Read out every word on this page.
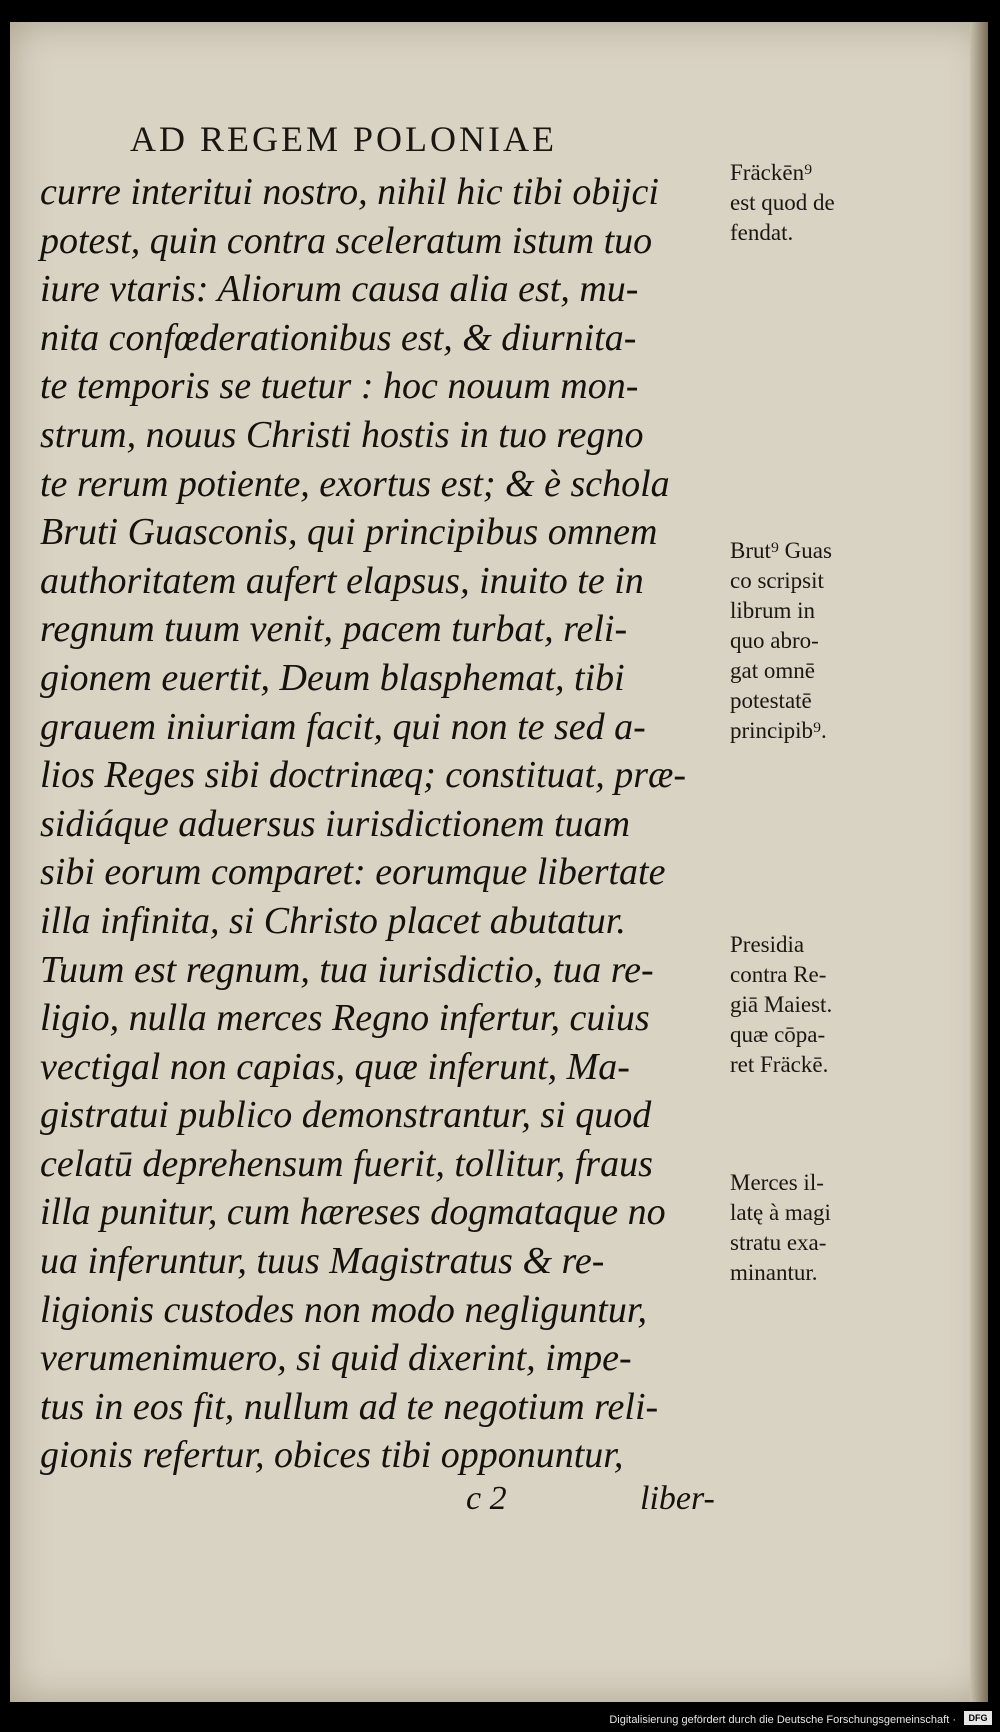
AD REGEM POLONIAE
curre interitui nostro, nihil hic tibi obijci
potest, quin contra sceleratum istum tuo
iure vtaris: Aliorum causa alia est, mu-
nita confœderationibus est, & diurnita-
te temporis se tuetur : hoc nouum mon-
strum, nouus Christi hostis in tuo regno
te rerum potiente, exortus est; & è schola
Bruti Guasconis, qui principibus omnem
authoritatem aufert elapsus, inuito te in
regnum tuum venit, pacem turbat, reli-
gionem euertit, Deum blasphemat, tibi
grauem iniuriam facit, qui non te sed a-
lios Reges sibi doctrinæq; constituat, præ-
sidiáque aduersus iurisdictionem tuam
sibi eorum comparet: eorumque libertate
illa infinita, si Christo placet abutatur.
Tuum est regnum, tua iurisdictio, tua re-
ligio, nulla merces Regno infertur, cuius
vectigal non capias, quæ inferunt, Ma-
gistratui publico demonstrantur, si quod
celatū deprehensum fuerit, tollitur, fraus
illa punitur, cum hæreses dogmataque no
ua inferuntur, tuus Magistratus & re-
ligionis custodes non modo negliguntur,
verumenimuero, si quid dixerint, impe-
tus in eos fit, nullum ad te negotium reli-
gionis refertur, obices tibi opponuntur,
c 2	liber-
Fräckēn⁹
est quod de
fendat.
Brut⁹ Guas
co scripsit
librum in
quo abro-
gat omnē
potestatē
principib⁹.
Presidia
contra Re-
giā Maiest.
quæ cōpa-
ret Fräckē.
Merces il-
latę à magi
stratu exa-
minantur.
Digitalisierung gefördert durch die Deutsche Forschungsgemeinschaft ·	DFG
